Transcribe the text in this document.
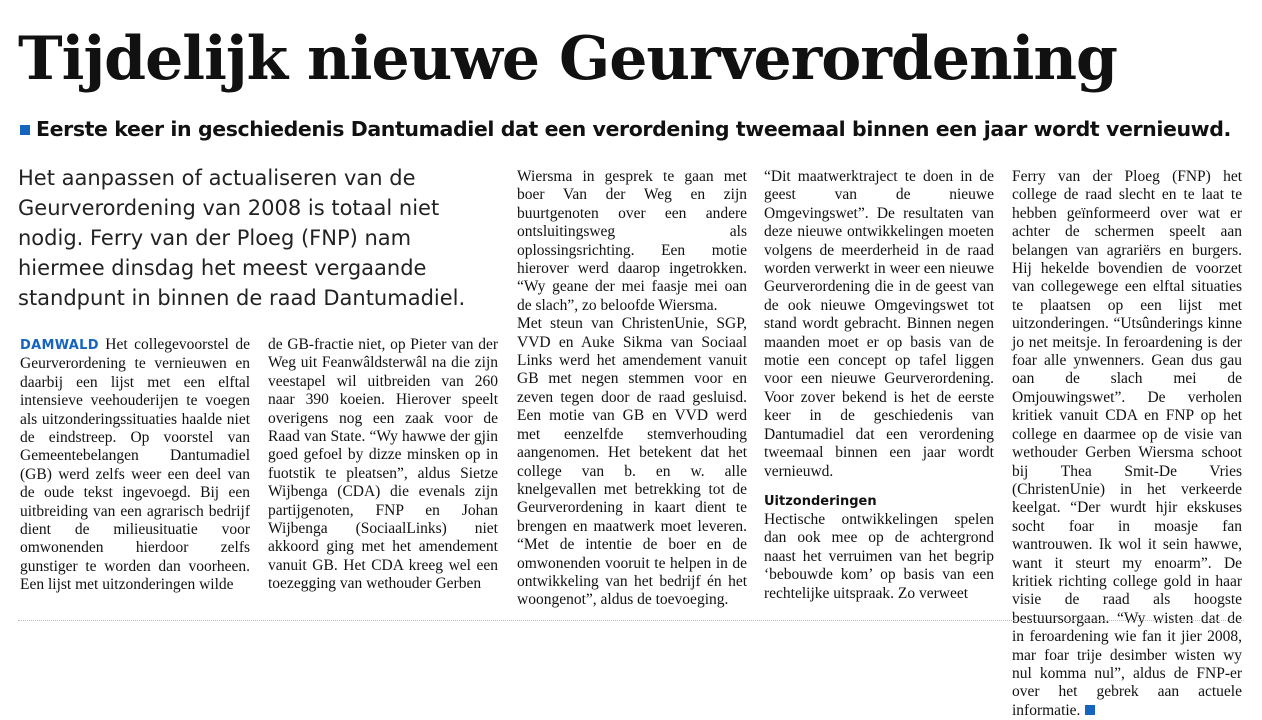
Tijdelijk nieuwe Geurverordening
Eerste keer in geschiedenis Dantumadiel dat een verordening tweemaal binnen een jaar wordt vernieuwd.

Het aanpassen of actualiseren van de Geurverordening van 2008 is totaal niet nodig. Ferry van der Ploeg (FNP) nam hiermee dinsdag het meest vergaande standpunt in binnen de raad Dantumadiel.

DAMWALD Het collegevoorstel de Geurverordening te vernieuwen en daarbij een lijst met een elftal intensieve veehouderijen te voegen als uitzonderingssituaties haalde niet de eindstreep. Op voorstel van Gemeentebelangen Dantumadiel (GB) werd zelfs weer een deel van de oude tekst ingevoegd. Bij een uitbreiding van een agrarisch bedrijf dient de milieusituatie voor omwonenden hierdoor zelfs gunstiger te worden dan voorheen. Een lijst met uitzonderingen wilde

de GB-fractie niet, op Pieter van der Weg uit Feanwâldsterwâl na die zijn veestapel wil uitbreiden van 260 naar 390 koeien. Hierover speelt overigens nog een zaak voor de Raad van State. “Wy hawwe der gjin goed gefoel by dizze minsken op in fuotstik te pleatsen”, aldus Sietze Wijbenga (CDA) die evenals zijn partijgenoten, FNP en Johan Wijbenga (SociaalLinks) niet akkoord ging met het amendement vanuit GB. Het CDA kreeg wel een toezegging van wethouder Gerben

Wiersma in gesprek te gaan met boer Van der Weg en zijn buurtgenoten over een andere ontsluitingsweg	als oplossingsrichting. Een motie hierover werd daarop ingetrokken. “Wy geane der mei faasje mei oan de slach”, zo beloofde Wiersma.

Met steun van ChristenUnie, SGP, VVD en Auke Sikma van Sociaal Links werd het amendement vanuit GB met negen stemmen voor en zeven tegen door de raad gesluisd. Een motie van GB en VVD werd met eenzelfde stemverhouding aangenomen. Het betekent dat het college van b. en w. alle knelgevallen met betrekking tot de Geurverordening in kaart dient te brengen en maatwerk moet leveren. “Met de intentie de boer en de omwonenden vooruit te helpen in de ontwikkeling van het bedrijf én het woongenot”, aldus de toevoeging.

“Dit maatwerktraject te doen in de geest	van	de	nieuwe Omgevingswet”. De resultaten van deze nieuwe ontwikkelingen moeten volgens de meerderheid in de raad worden verwerkt in weer een nieuwe Geurverordening die in de geest van de ook nieuwe Omgevingswet tot stand wordt gebracht. Binnen negen maanden moet er op basis van de motie een concept op tafel liggen voor een nieuwe Geurverordening. Voor zover bekend is het de eerste keer in de geschiedenis van Dantumadiel dat een verordening tweemaal binnen een jaar wordt vernieuwd.

Uitzonderingen

Hectische ontwikkelingen spelen dan ook mee op de achtergrond naast het verruimen van het begrip ‘bebouwde kom’ op basis van een rechtelijke uitspraak. Zo verweet

Ferry van der Ploeg (FNP) het college de raad slecht en te laat te hebben geïnformeerd over wat er achter de schermen speelt aan belangen van agrariërs en burgers. Hij hekelde bovendien de voorzet van collegewege een elftal situaties te plaatsen op een lijst met uitzonderingen. “Utsûnderings kinne jo net meitsje. In feroardening is der foar alle ynwenners. Gean dus gau oan de slach mei de Omjouwingswet”. De verholen kritiek vanuit CDA en FNP op het college en daarmee op de visie van wethouder Gerben Wiersma schoot bij Thea Smit-De Vries (ChristenUnie) in het verkeerde keelgat. “Der wurdt hjir ekskuses socht foar in moasje fan wantrouwen. Ik wol it sein hawwe, want it steurt my enoarm”. De kritiek richting college gold in haar visie de raad als hoogste bestuursorgaan. “Wy wisten dat de in feroardening wie fan it jier 2008, mar foar trije desimber wisten wy nul komma nul”, aldus de FNP-er over het gebrek aan actuele informatie.
